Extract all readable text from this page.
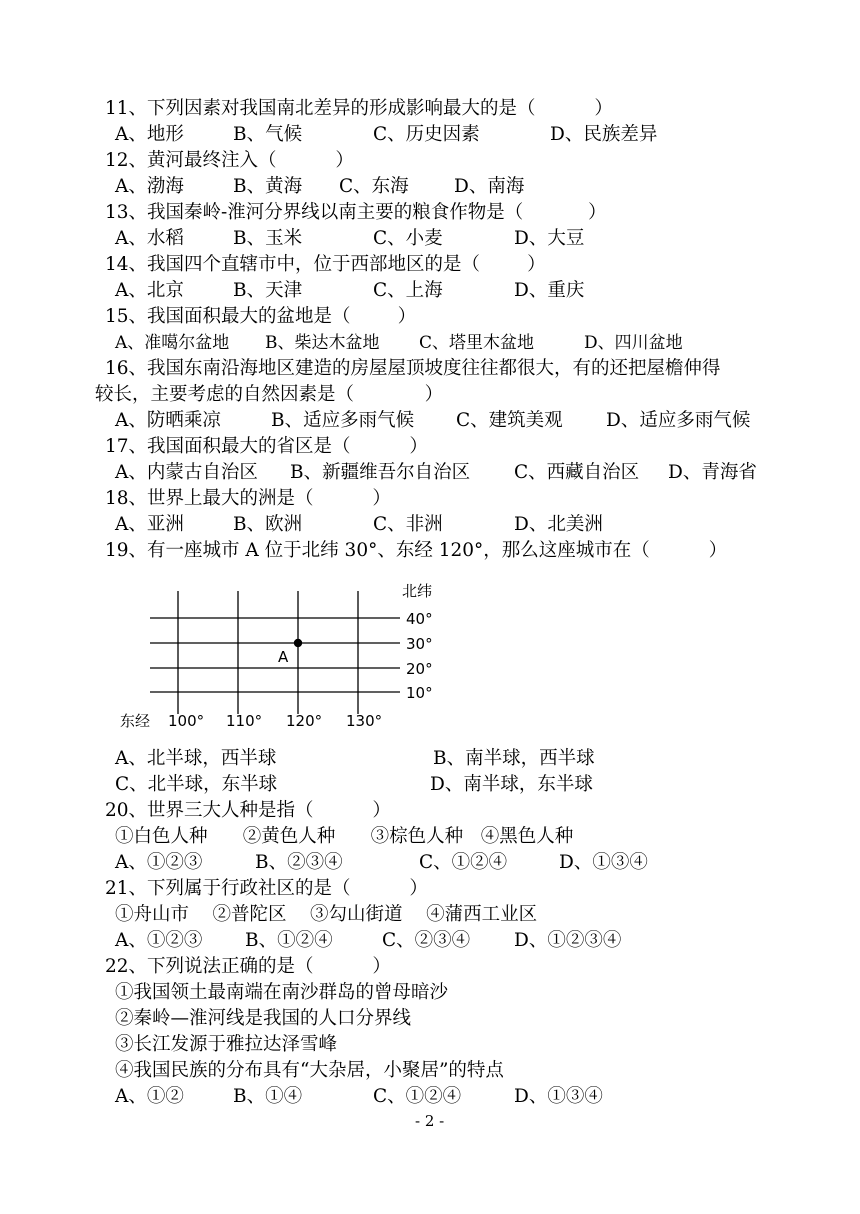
11、下列因素对我国南北差异的形成影响最大的是（          ）
A、地形	B、气候	C、历史因素	D、民族差异
12、黄河最终注入（          ）
A、渤海	B、黄海 C、东海 D、南海
13、我国秦岭-淮河分界线以南主要的粮食作物是（           ）
A、水稻	B、玉米	C、小麦	D、大豆
14、我国四个直辖市中，位于西部地区的是（        ）
A、北京	B、天津	C、上海	D、重庆
15、我国面积最大的盆地是（        ）
A、准噶尔盆地 B、柴达木盆地 C、塔里木盆地	D、四川盆地
16、我国东南沿海地区建造的房屋屋顶坡度往往都很大，有的还把屋檐伸得
较长，主要考虑的自然因素是（            ）
A、防晒乘凉	B、适应多雨气候 C、建筑美观 D、适应多雨气候
17、我国面积最大的省区是（          ）
A、内蒙古自治区 B、新疆维吾尔自治区 C、西藏自治区 D、青海省
18、世界上最大的洲是（          ）
A、亚洲	B、欧洲	C、非洲	D、北美洲
19、有一座城市 A 位于北纬 30°、东经 120°，那么这座城市在（          ）
A
北纬
东经
40°
30°
20°
10°
100° 110° 120° 130°
A、北半球，西半球	B、南半球，西半球
C、北半球，东半球	D、南半球，东半球
20、世界三大人种是指（          ）
①白色人种      ②黄色人种      ③棕色人种   ④黑色人种
A、①②③	B、②③④	C、①②④	D、①③④
21、下列属于行政社区的是（          ）
①舟山市    ②普陀区    ③勾山街道    ④蒲西工业区
A、①②③ B、①②④	C、②③④ D、①②③④
22、下列说法正确的是（          ）
①我国领土最南端在南沙群岛的曾母暗沙
②秦岭—淮河线是我国的人口分界线
③长江发源于雅拉达泽雪峰
④我国民族的分布具有“大杂居，小聚居”的特点
A、①②	B、①④	C、①②④	D、①③④
- 2 -
